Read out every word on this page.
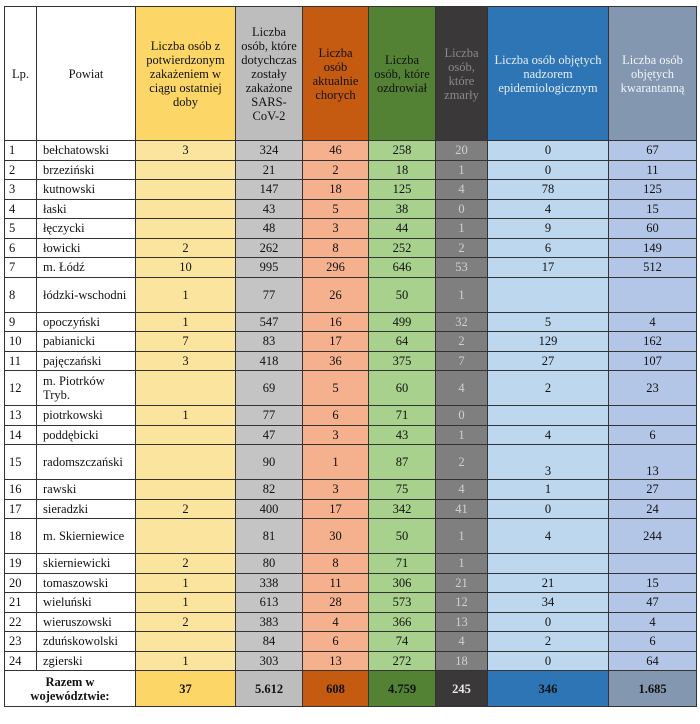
Lp.	Powiat	Liczba osób z potwierdzonym zakażeniem w ciągu ostatniej doby	Liczba osób, które dotychczas zostały zakażone SARS-CoV-2	Liczba osób aktualnie chorych	Liczba osób, które ozdrowiał	Liczba osób, które zmarły	Liczba osób objętych nadzorem epidemiologicznym	Liczba osób objętych kwarantanną
1	bełchatowski	3	324	46	258	20	0	67
2	brzeziński		21	2	18	1	0	11
3	kutnowski		147	18	125	4	78	125
4	łaski		43	5	38	0	4	15
5	łęczycki		48	3	44	1	9	60
6	łowicki	2	262	8	252	2	6	149
7	m. Łódź	10	995	296	646	53	17	512
8	łódzki-wschodni	1	77	26	50	1		
9	opoczyński	1	547	16	499	32	5	4
10	pabianicki	7	83	17	64	2	129	162
11	pajęczański	3	418	36	375	7	27	107
12	m. Piotrków Tryb.		69	5	60	4	2	23
13	piotrkowski	1	77	6	71	0		
14	poddębicki		47	3	43	1	4	6
15	radomszczański		90	1	87	2	3	13
16	rawski		82	3	75	4	1	27
17	sieradzki	2	400	17	342	41	0	24
18	m. Skierniewice		81	30	50	1	4	244
19	skierniewicki	2	80	8	71	1		
20	tomaszowski	1	338	11	306	21	21	15
21	wieluński	1	613	28	573	12	34	47
22	wieruszowski	2	383	4	366	13	0	4
23	zduńskowolski		84	6	74	4	2	6
24	zgierski	1	303	13	272	18	0	64
Razem w województwie:		37	5.612	608	4.759	245	346	1.685
